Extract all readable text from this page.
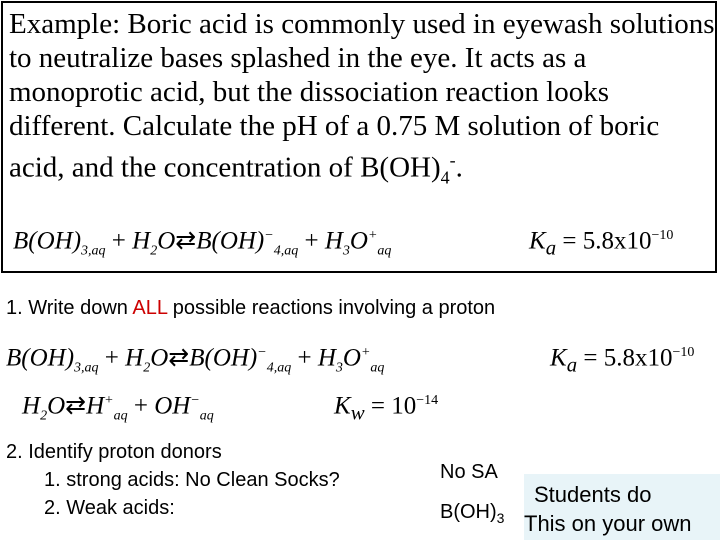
Example: Boric acid is commonly used in eyewash solutions to neutralize bases splashed in the eye. It acts as a monoprotic acid, but the dissociation reaction looks different. Calculate the pH of a 0.75 M solution of boric acid, and the concentration of $B(OH)_4^-$.
$B(OH)_{3,aq}$ + $H_2O⇄B(OH)^-_{4,aq} + H_3O^+_{aq}$	$K_a = 5.8x10^{-10}$
1. Write down ALL possible reactions involving a proton
$B(OH)_{3,aq}$ + $H_2O⇄B(OH)^-_{4,aq} + H_3O^+_{aq}$	$K_a = 5.8x10^{-10}$
$H_2O⇄H^+_{aq} + OH^-_{aq}$	$K_w = 10^{-14}$
2. Identify proton donors
1. strong acids: No Clean Socks?
2. Weak acids:
No SA
$B(OH)_3$
Students do
This on your own
